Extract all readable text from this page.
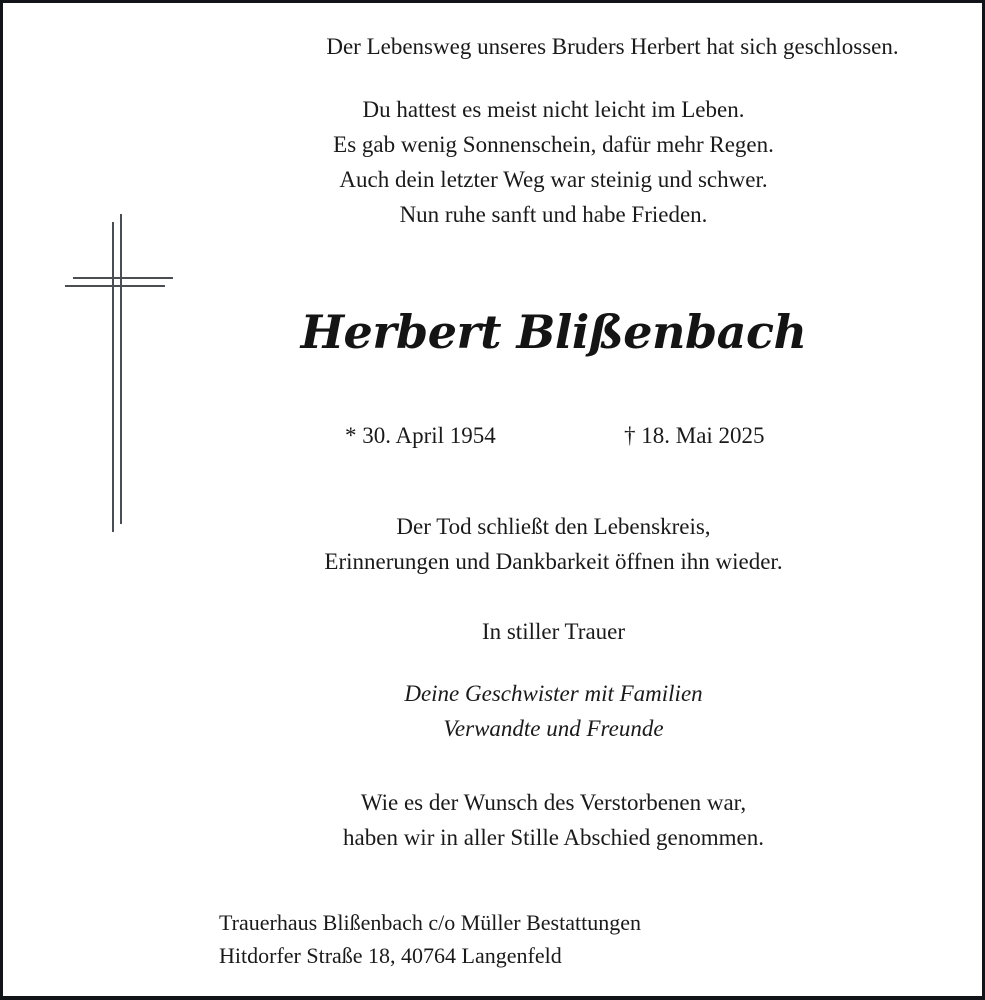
Der Lebensweg unseres Bruders Herbert hat sich geschlossen.
Du hattest es meist nicht leicht im Leben.
Es gab wenig Sonnenschein, dafür mehr Regen.
Auch dein letzter Weg war steinig und schwer.
Nun ruhe sanft und habe Frieden.
Herbert Blißenbach
* 30. April 1954	† 18. Mai 2025
Der Tod schließt den Lebenskreis,
Erinnerungen und Dankbarkeit öffnen ihn wieder.
In stiller Trauer
Deine Geschwister mit Familien
Verwandte und Freunde
Wie es der Wunsch des Verstorbenen war,
haben wir in aller Stille Abschied genommen.
Trauerhaus Blißenbach c/o Müller Bestattungen
Hitdorfer Straße 18, 40764 Langenfeld
